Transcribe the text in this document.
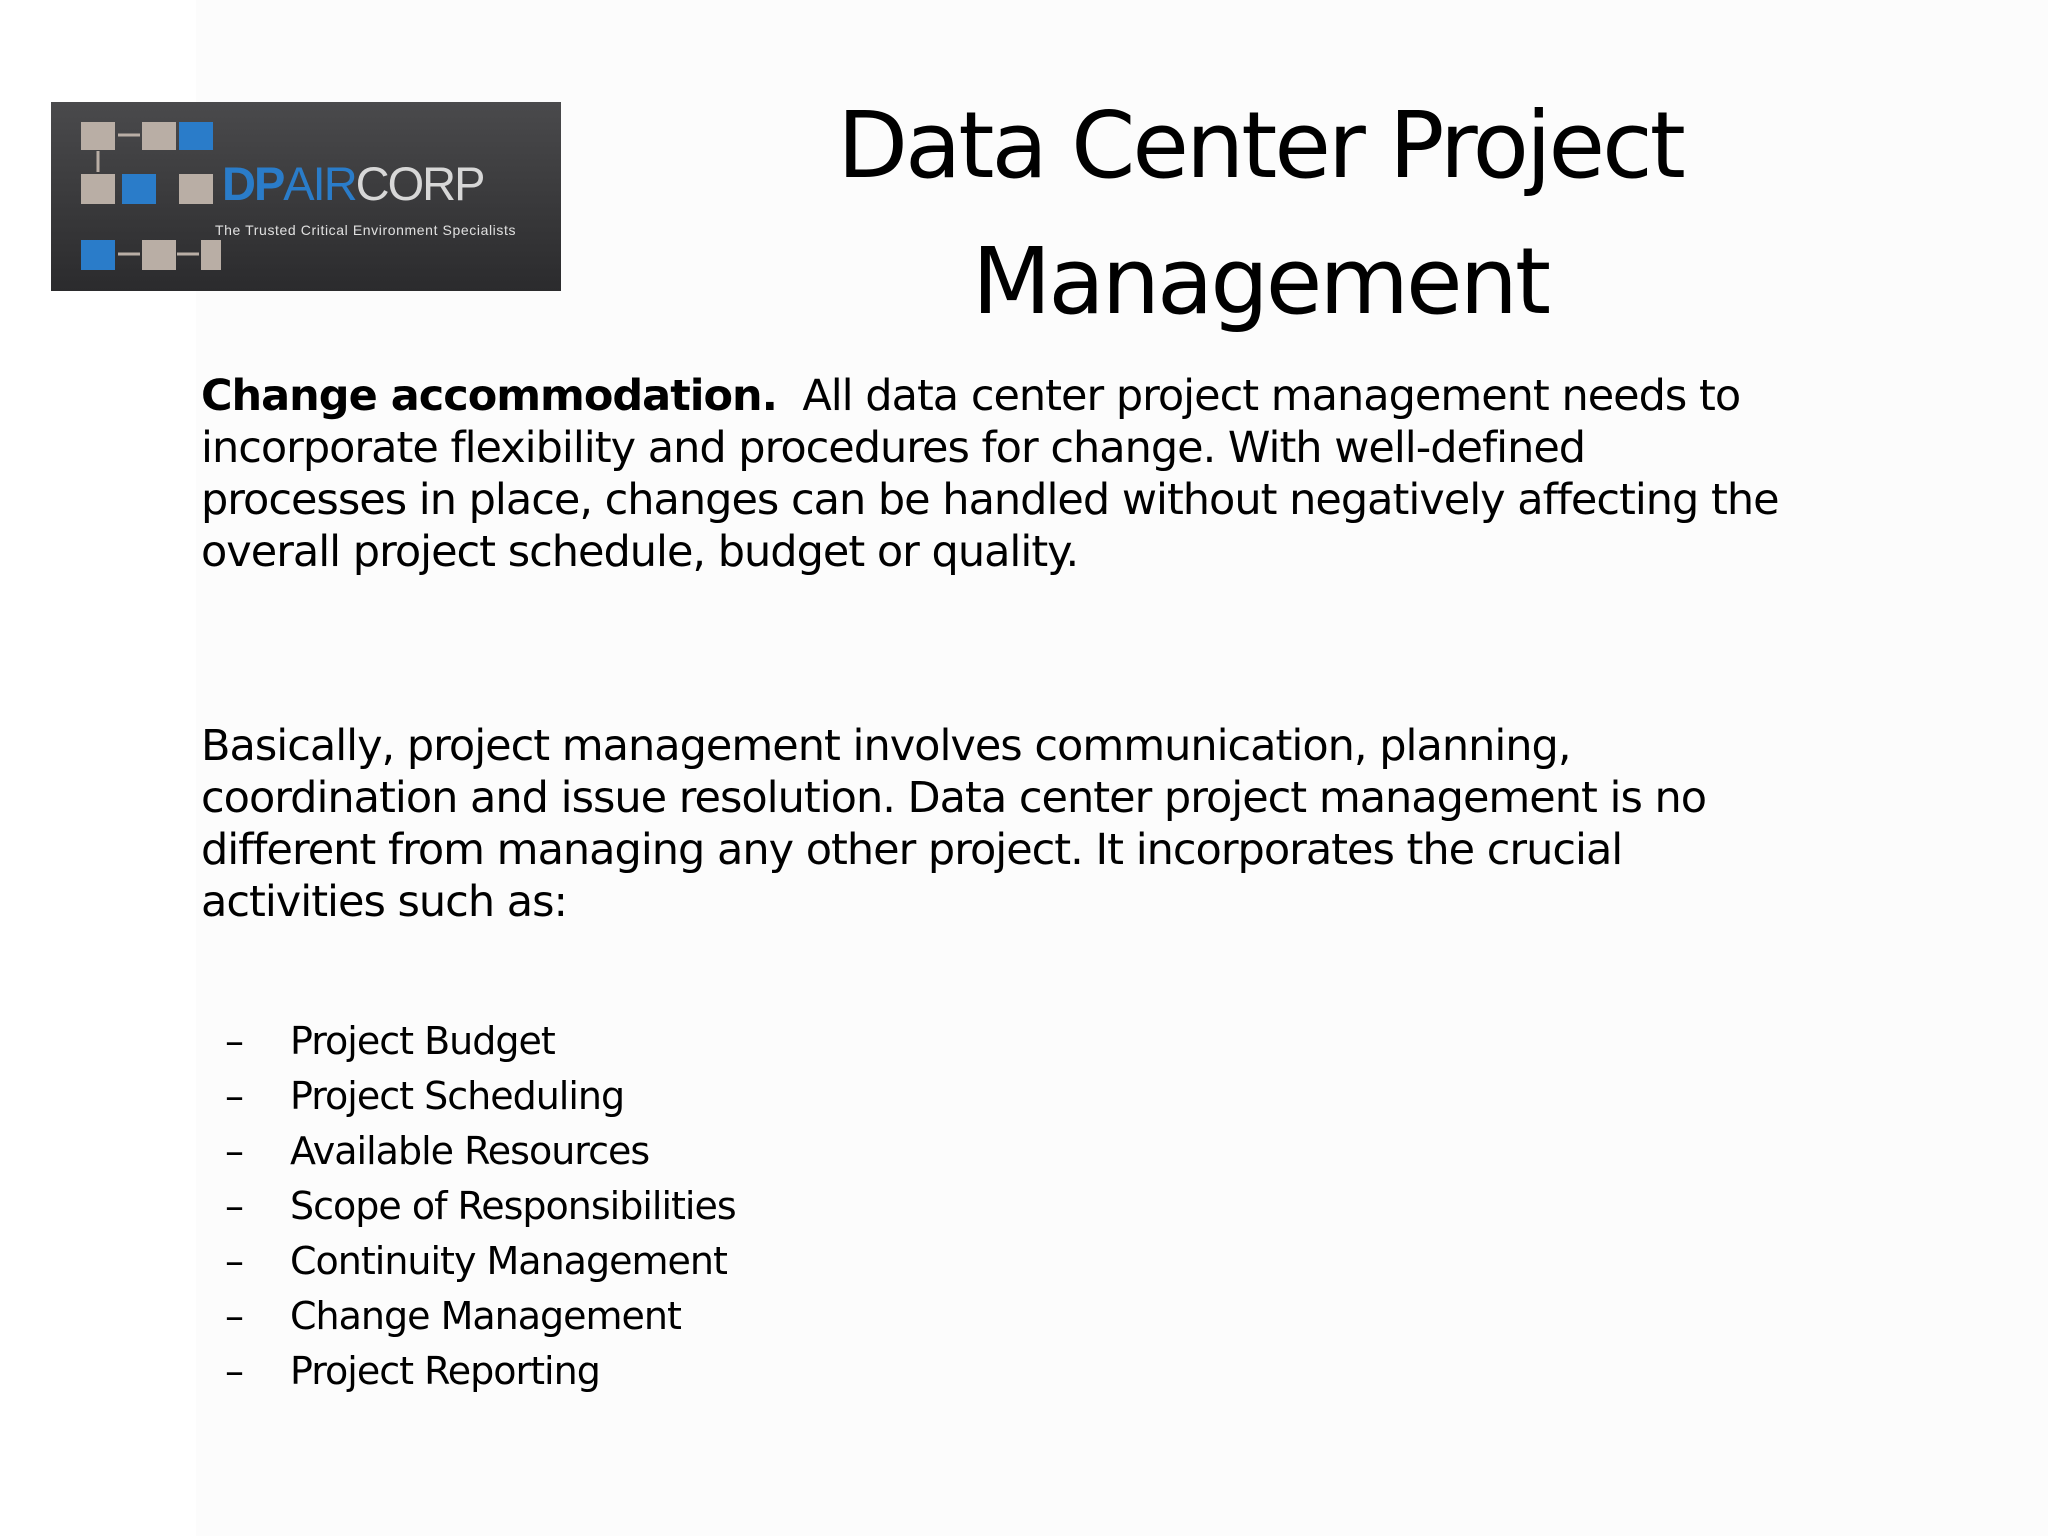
DPAIRCORP

The Trusted Critical Environment Specialists

Data Center Project
Management

Change accommodation.  All data center project management needs to
incorporate flexibility and procedures for change. With well-defined
processes in place, changes can be handled without negatively affecting the
overall project schedule, budget or quality.

Basically, project management involves communication, planning,
coordination and issue resolution. Data center project management is no
different from managing any other project. It incorporates the crucial
activities such as:

– Project Budget
– Project Scheduling
– Available Resources
– Scope of Responsibilities
– Continuity Management
– Change Management
– Project Reporting
